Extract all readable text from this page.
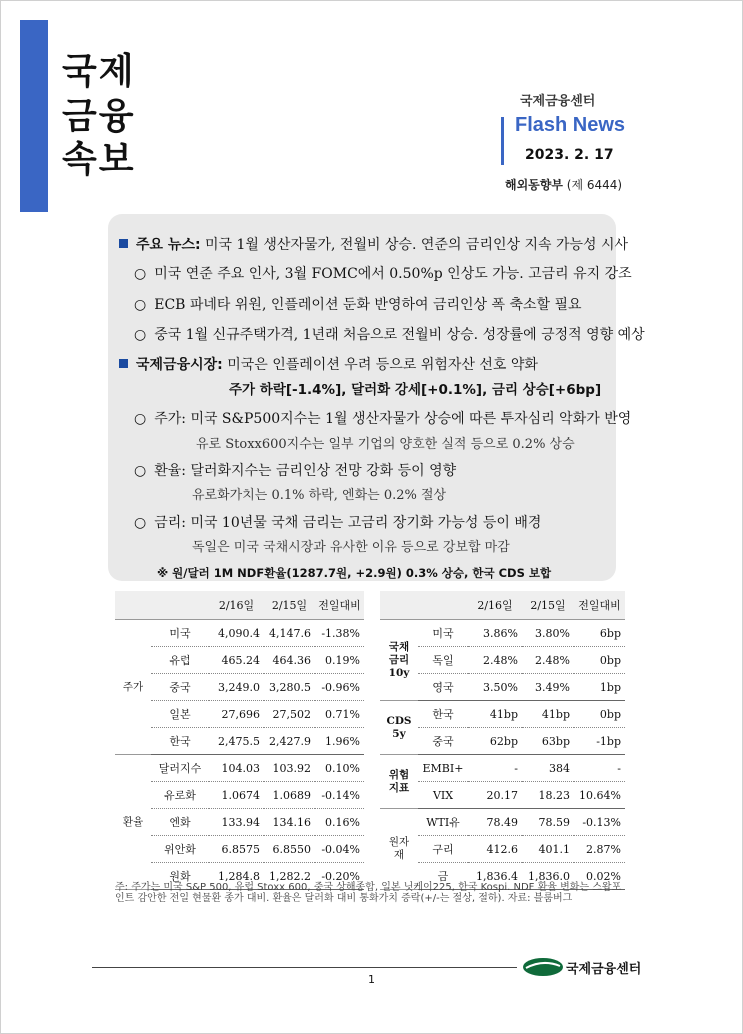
국제
금융
속보
국제금융센터
Flash News
2023. 2. 17
해외동향부 (제 6444)
주요 뉴스: 미국 1월 생산자물가, 전월비 상승. 연준의 금리인상 지속 가능성 시사
○ 미국 연준 주요 인사, 3월 FOMC에서 0.50%p 인상도 가능. 고금리 유지 강조
○ ECB 파네타 위원, 인플레이션 둔화 반영하여 금리인상 폭 축소할 필요
○ 중국 1월 신규주택가격, 1년래 처음으로 전월비 상승. 성장률에 긍정적 영향 예상
국제금융시장: 미국은 인플레이션 우려 등으로 위험자산 선호 약화
주가 하락[-1.4%], 달러화 강세[+0.1%], 금리 상승[+6bp]
○ 주가: 미국 S&P500지수는 1월 생산자물가 상승에 따른 투자심리 악화가 반영
유로 Stoxx600지수는 일부 기업의 양호한 실적 등으로 0.2% 상승
○ 환율: 달러화지수는 금리인상 전망 강화 등이 영향
유로화가치는 0.1% 하락, 엔화는 0.2% 절상
○ 금리: 미국 10년물 국채 금리는 고금리 장기화 가능성 등이 배경
독일은 미국 국채시장과 유사한 이유 등으로 강보합 마감
※ 원/달러 1M NDF환율(1287.7원, +2.9원) 0.3% 상승, 한국 CDS 보합
		2/16일	2/15일	전일대비
주가	미국	4,090.4	4,147.6	-1.38%
	유럽	465.24	464.36	0.19%
	중국	3,249.0	3,280.5	-0.96%
	일본	27,696	27,502	0.71%
	한국	2,475.5	2,427.9	1.96%
환율	달러지수	104.03	103.92	0.10%
	유로화	1.0674	1.0689	-0.14%
	엔화	133.94	134.16	0.16%
	위안화	6.8575	6.8550	-0.04%
	원화	1,284.8	1,282.2	-0.20%
		2/16일	2/15일	전일대비
국채
금리
10y	미국	3.86%	3.80%	6bp
	독일	2.48%	2.48%	0bp
	영국	3.50%	3.49%	1bp
CDS
5y	한국	41bp	41bp	0bp
	중국	62bp	63bp	-1bp
위험
지표	EMBI+	-	384	-
	VIX	20.17	18.23	10.64%
원자재	WTI유	78.49	78.59	-0.13%
	구리	412.6	401.1	2.87%
	금	1,836.4	1,836.0	0.02%
주: 주가는 미국 S&P 500, 유럽 Stoxx 600, 중국 상해종합, 일본 닛케이225, 한국 Kospi. NDF 환율 변화는 스왑포인트 감안한 전일 현물환 종가 대비. 환율은 달러화 대비 통화가치 증락(+/-는 절상, 절하). 자료: 블룸버그
1
국제금융센터
